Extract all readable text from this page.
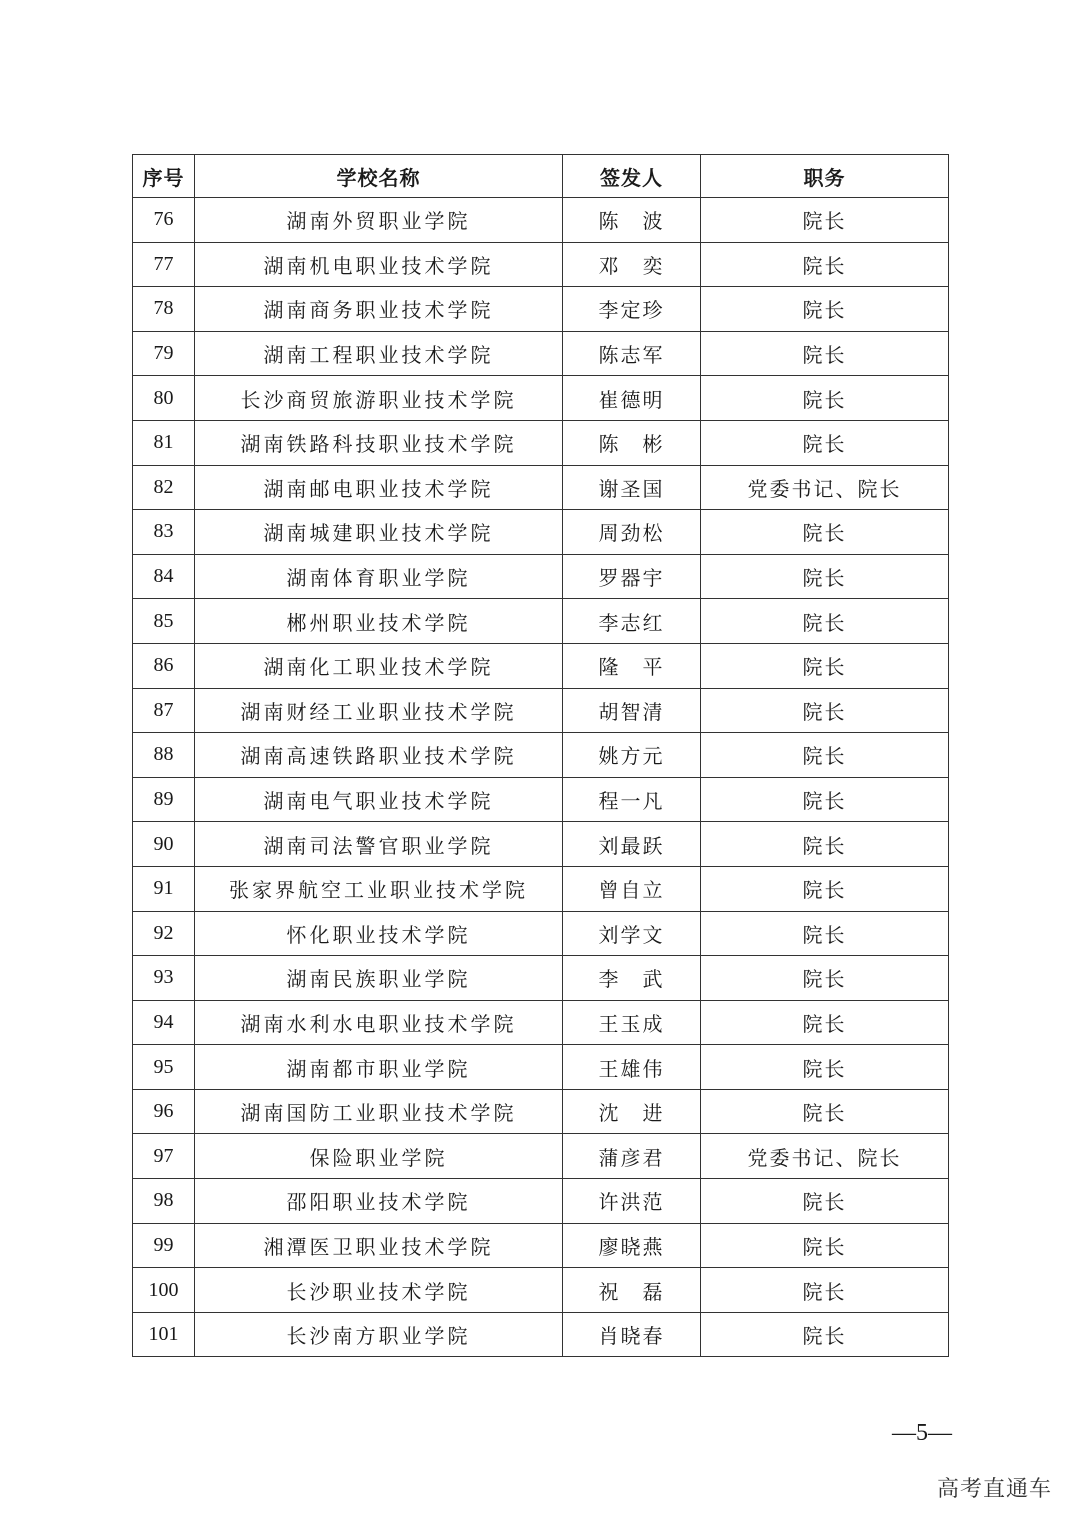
序号	学校名称	签发人	职务
76	湖南外贸职业学院	陈　波	院长
77	湖南机电职业技术学院	邓　奕	院长
78	湖南商务职业技术学院	李定珍	院长
79	湖南工程职业技术学院	陈志军	院长
80	长沙商贸旅游职业技术学院	崔德明	院长
81	湖南铁路科技职业技术学院	陈　彬	院长
82	湖南邮电职业技术学院	谢圣国	党委书记、院长
83	湖南城建职业技术学院	周劲松	院长
84	湖南体育职业学院	罗器宇	院长
85	郴州职业技术学院	李志红	院长
86	湖南化工职业技术学院	隆　平	院长
87	湖南财经工业职业技术学院	胡智清	院长
88	湖南高速铁路职业技术学院	姚方元	院长
89	湖南电气职业技术学院	程一凡	院长
90	湖南司法警官职业学院	刘最跃	院长
91	张家界航空工业职业技术学院	曾自立	院长
92	怀化职业技术学院	刘学文	院长
93	湖南民族职业学院	李　武	院长
94	湖南水利水电职业技术学院	王玉成	院长
95	湖南都市职业学院	王雄伟	院长
96	湖南国防工业职业技术学院	沈　进	院长
97	保险职业学院	蒲彦君	党委书记、院长
98	邵阳职业技术学院	许洪范	院长
99	湘潭医卫职业技术学院	廖晓燕	院长
100	长沙职业技术学院	祝　磊	院长
101	长沙南方职业学院	肖晓春	院长
—5—
高考直通车
